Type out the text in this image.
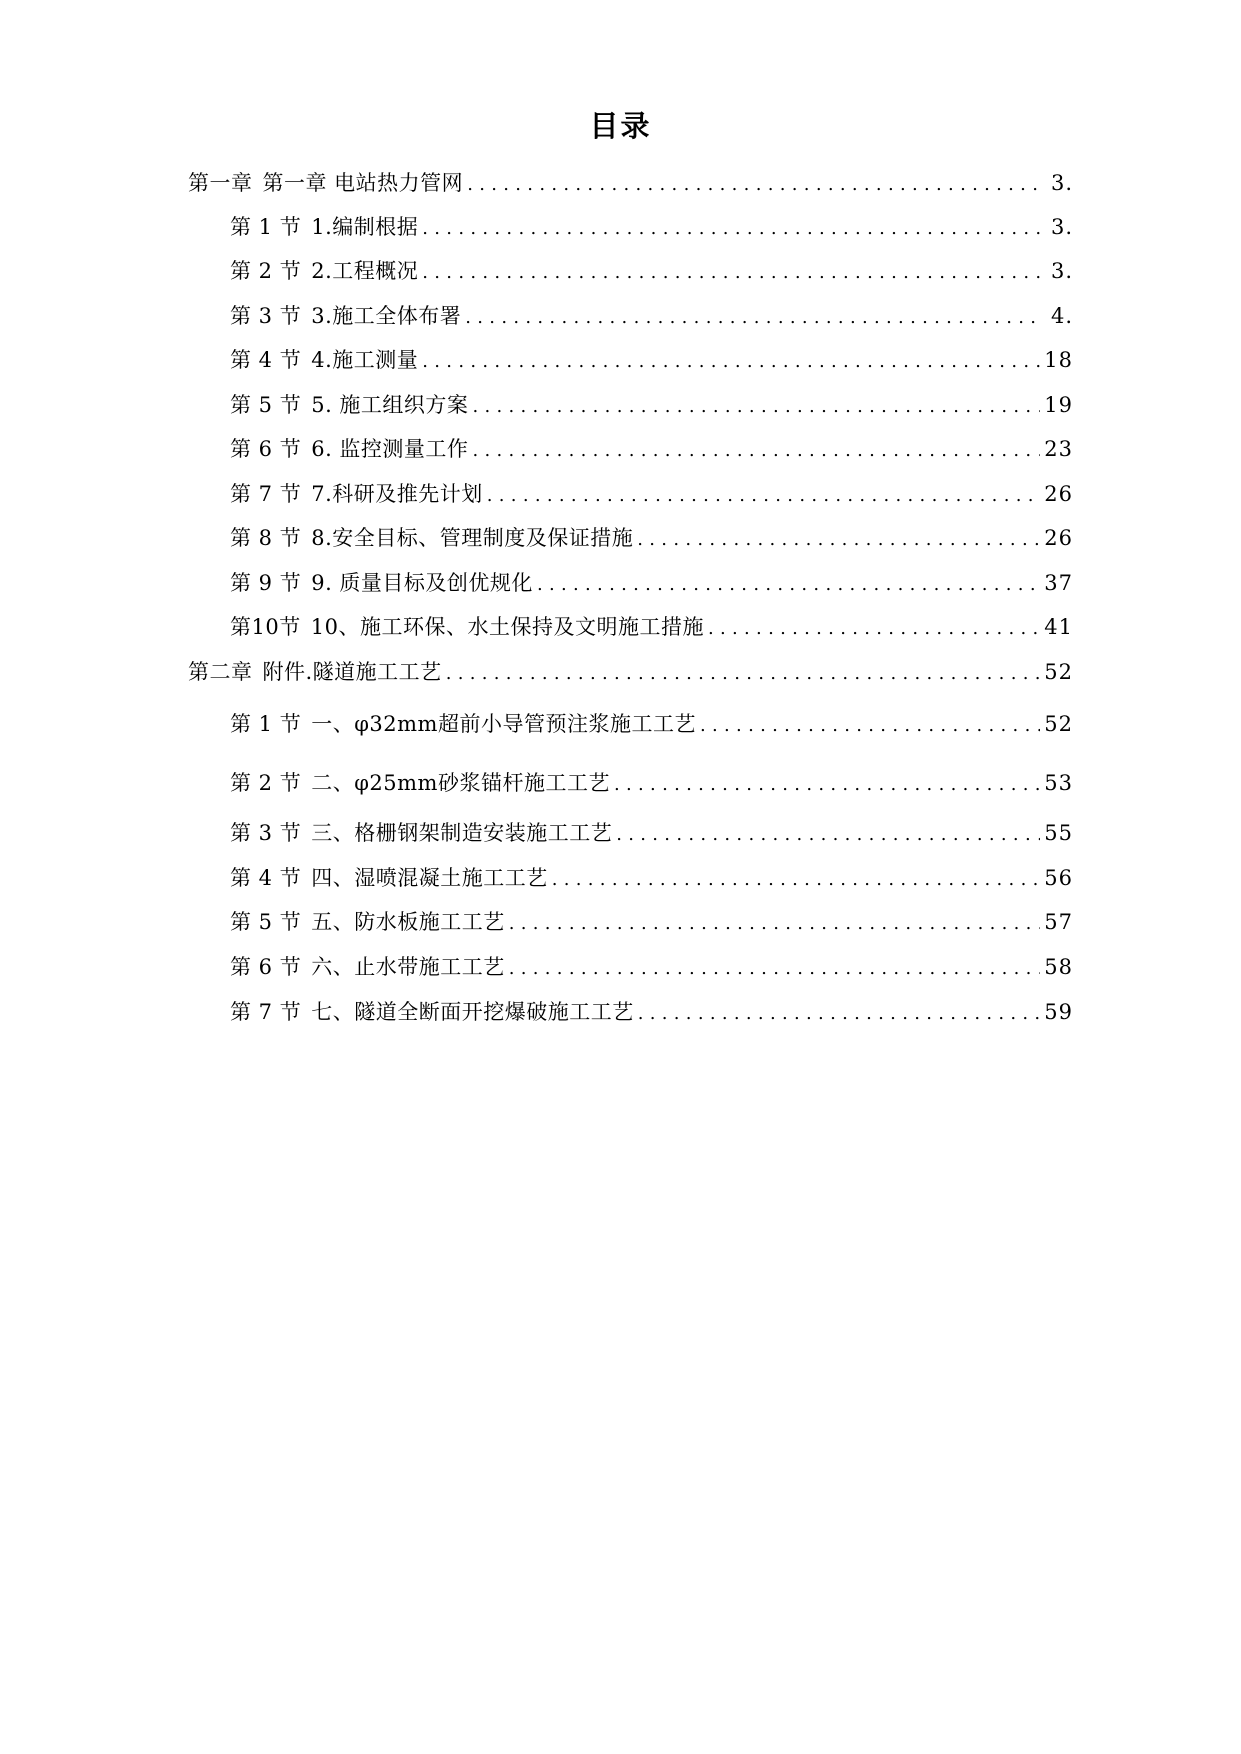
目录
第一章 第一章 电站热力管网 .....	3.
第 1 节 1.编制根据 .....	3.
第 2 节 2.工程概况 .....	3.
第 3 节 3.施工全体布署 .....	4.
第 4 节 4.施工测量 .....	18
第 5 节 5. 施工组织方案 .....	19
第 6 节 6. 监控测量工作 .....	23
第 7 节 7.科研及推先计划 .....	26
第 8 节 8.安全目标、管理制度及保证措施 .....	26
第 9 节 9. 质量目标及创优规化 .....	37
第10节 10、施工环保、水土保持及文明施工措施 .....	41
第二章 附件.隧道施工工艺 .....	52
第 1 节 一、φ32mm超前小导管预注浆施工工艺 .....	52
第 2 节 二、φ25mm砂浆锚杆施工工艺 .....	53
第 3 节 三、格栅钢架制造安装施工工艺 .....	55
第 4 节 四、湿喷混凝土施工工艺 .....	56
第 5 节 五、防水板施工工艺 .....	57
第 6 节 六、止水带施工工艺 .....	58
第 7 节 七、隧道全断面开挖爆破施工工艺 .....	59
